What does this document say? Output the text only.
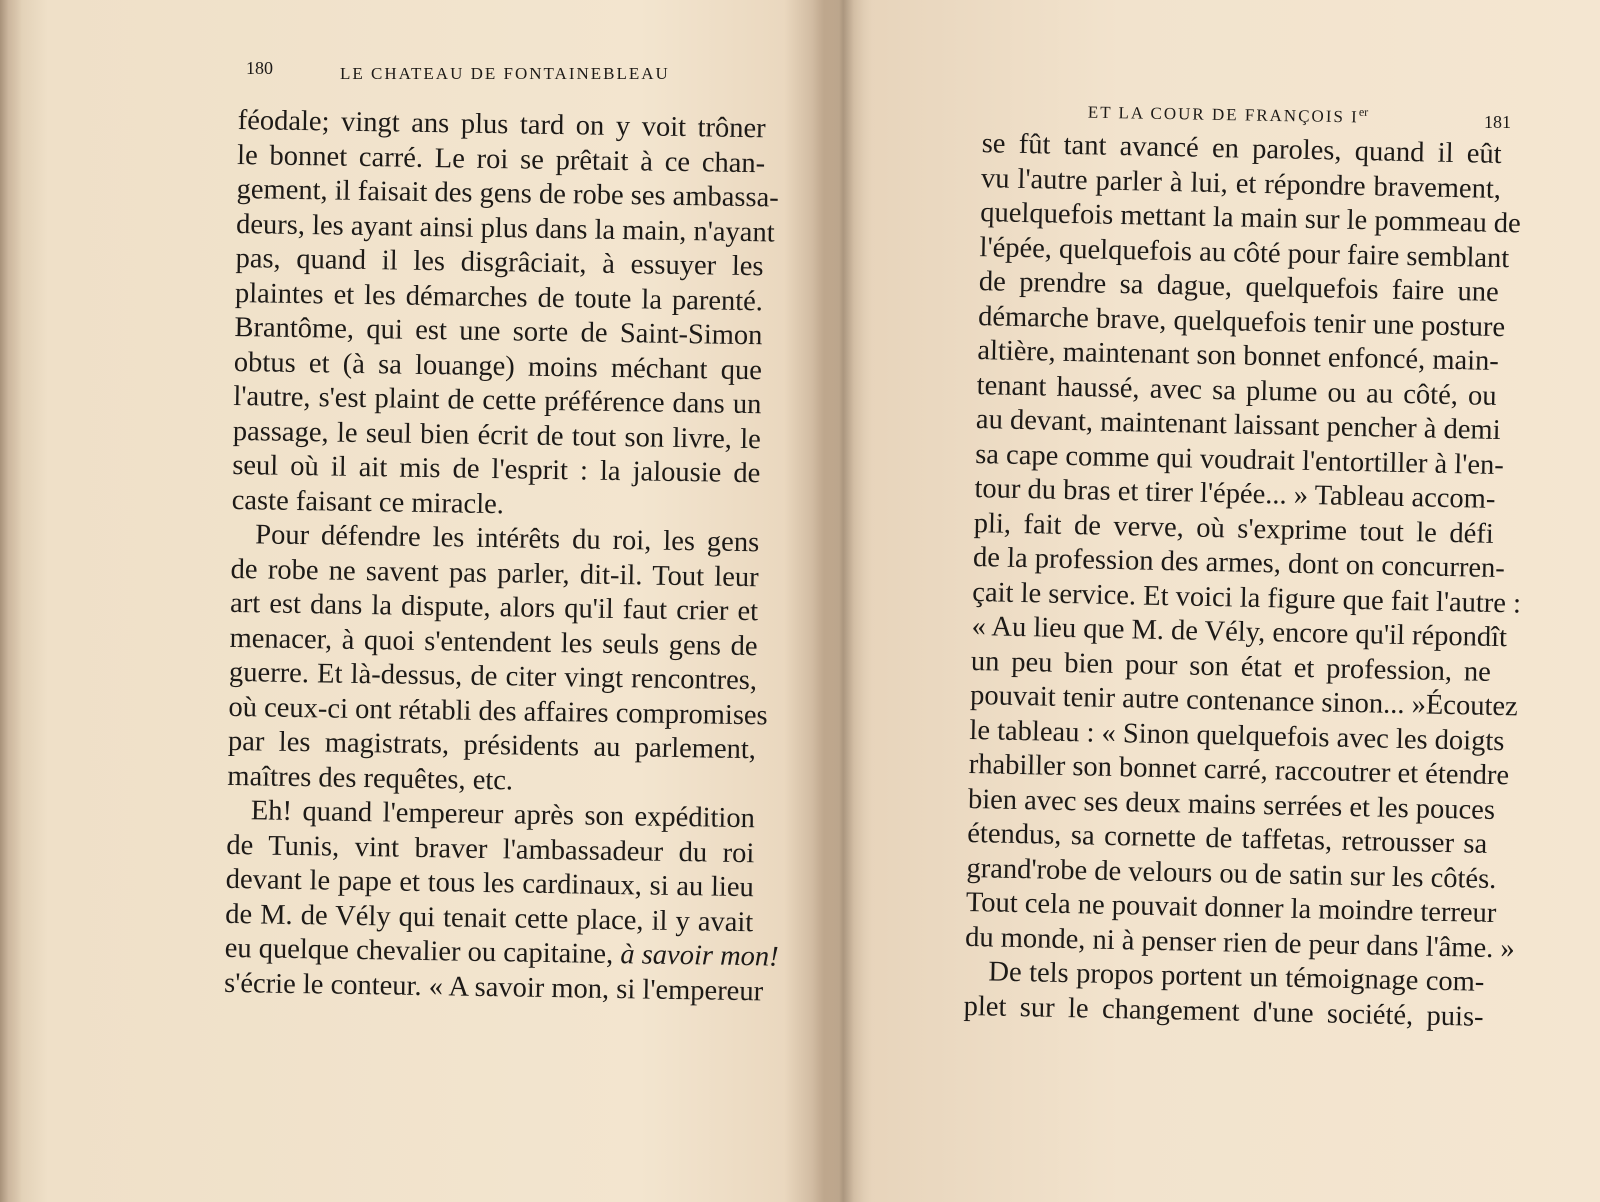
180	LE CHATEAU DE FONTAINEBLEAU
féodale; vingt ans plus tard on y voit trôner
le bonnet carré. Le roi se prêtait à ce chan-
gement, il faisait des gens de robe ses ambassa-
deurs, les ayant ainsi plus dans la main, n'ayant
pas, quand il les disgrâciait, à essuyer les
plaintes et les démarches de toute la parenté.
Brantôme, qui est une sorte de Saint-Simon
obtus et (à sa louange) moins méchant que
l'autre, s'est plaint de cette préférence dans un
passage, le seul bien écrit de tout son livre, le
seul où il ait mis de l'esprit : la jalousie de
caste faisant ce miracle.
Pour défendre les intérêts du roi, les gens
de robe ne savent pas parler, dit-il. Tout leur
art est dans la dispute, alors qu'il faut crier et
menacer, à quoi s'entendent les seuls gens de
guerre. Et là-dessus, de citer vingt rencontres,
où ceux-ci ont rétabli des affaires compromises
par les magistrats, présidents au parlement,
maîtres des requêtes, etc.
Eh! quand l'empereur après son expédition
de Tunis, vint braver l'ambassadeur du roi
devant le pape et tous les cardinaux, si au lieu
de M. de Vély qui tenait cette place, il y avait
eu quelque chevalier ou capitaine, à savoir mon!
s'écrie le conteur. « A savoir mon, si l'empereur
ET LA COUR DE FRANÇOIS Ier
181
se fût tant avancé en paroles, quand il eût
vu l'autre parler à lui, et répondre bravement,
quelquefois mettant la main sur le pommeau de
l'épée, quelquefois au côté pour faire semblant
de prendre sa dague, quelquefois faire une
démarche brave, quelquefois tenir une posture
altière, maintenant son bonnet enfoncé, main-
tenant haussé, avec sa plume ou au côté, ou
au devant, maintenant laissant pencher à demi
sa cape comme qui voudrait l'entortiller à l'en-
tour du bras et tirer l'épée... » Tableau accom-
pli, fait de verve, où s'exprime tout le défi
de la profession des armes, dont on concurren-
çait le service. Et voici la figure que fait l'autre :
« Au lieu que M. de Vély, encore qu'il répondît
un peu bien pour son état et profession, ne
pouvait tenir autre contenance sinon... »Écoutez
le tableau : « Sinon quelquefois avec les doigts
rhabiller son bonnet carré, raccoutrer et étendre
bien avec ses deux mains serrées et les pouces
étendus, sa cornette de taffetas, retrousser sa
grand'robe de velours ou de satin sur les côtés.
Tout cela ne pouvait donner la moindre terreur
du monde, ni à penser rien de peur dans l'âme. »
De tels propos portent un témoignage com-
plet sur le changement d'une société, puis-
